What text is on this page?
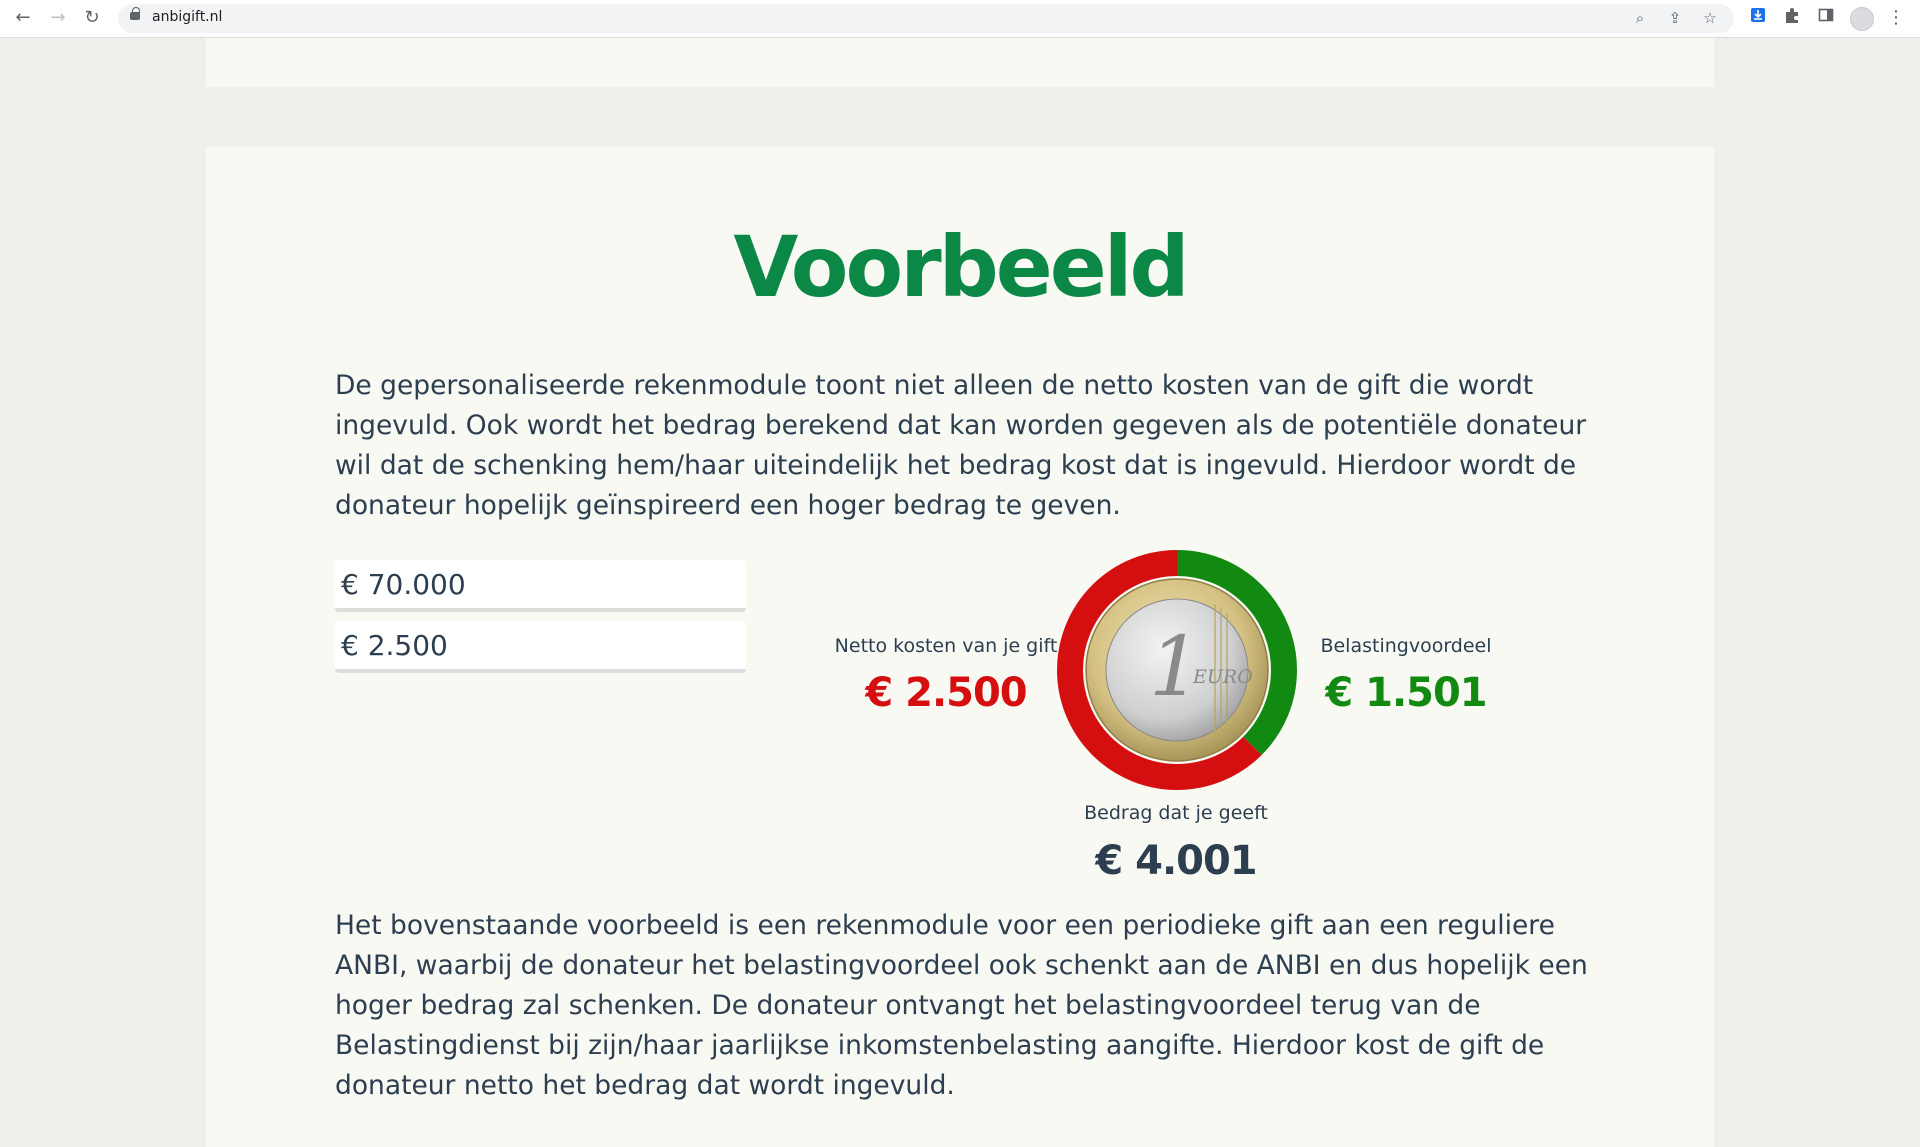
← → ↻	anbigift.nl	⌕	⇪ ☆	⋮
Voorbeeld

De gepersonaliseerde rekenmodule toont niet alleen de netto kosten van de gift die wordt ingevuld. Ook wordt het bedrag berekend dat kan worden gegeven als de potentiële donateur wil dat de schenking hem/haar uiteindelijk het bedrag kost dat is ingevuld. Hierdoor wordt de donateur hopelijk geïnspireerd een hoger bedrag te geven.

€ 70.000
€ 2.500
Netto kosten van je gift
€ 2.500	1
EURO
Belastingvoordeel
€ 1.501
Bedrag dat je geeft
€ 4.001

Het bovenstaande voorbeeld is een rekenmodule voor een periodieke gift aan een reguliere ANBI, waarbij de donateur het belastingvoordeel ook schenkt aan de ANBI en dus hopelijk een hoger bedrag zal schenken. De donateur ontvangt het belastingvoordeel terug van de Belastingdienst bij zijn/haar jaarlijkse inkomstenbelasting aangifte. Hierdoor kost de gift de donateur netto het bedrag dat wordt ingevuld.
